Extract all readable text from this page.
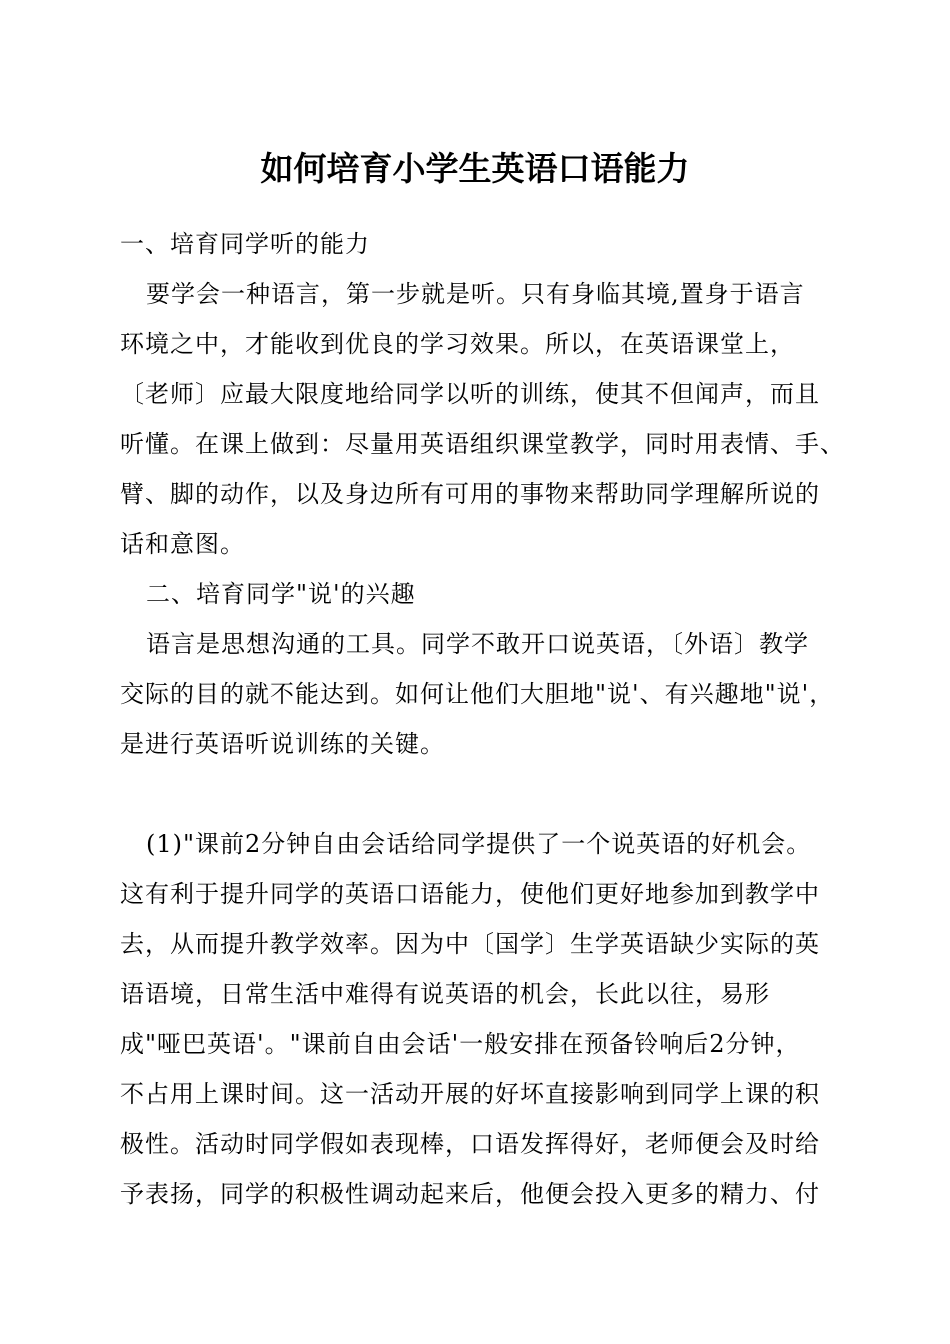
如何培育小学生英语口语能力
一、培育同学听的能力
要学会一种语言，第一步就是听。只有身临其境,置身于语言
环境之中，才能收到优良的学习效果。所以，在英语课堂上，
〔老师〕应最大限度地给同学以听的训练，使其不但闻声，而且
听懂。在课上做到：尽量用英语组织课堂教学，同时用表情、手、
臂、脚的动作，以及身边所有可用的事物来帮助同学理解所说的
话和意图。
二、培育同学"说'的兴趣
语言是思想沟通的工具。同学不敢开口说英语，〔外语〕教学
交际的目的就不能达到。如何让他们大胆地"说'、有兴趣地"说'，
是进行英语听说训练的关键。
(1)"课前2分钟自由会话给同学提供了一个说英语的好机会。
这有利于提升同学的英语口语能力，使他们更好地参加到教学中
去，从而提升教学效率。因为中〔国学〕生学英语缺少实际的英
语语境，日常生活中难得有说英语的机会，长此以往，易形
成"哑巴英语'。"课前自由会话'一般安排在预备铃响后2分钟，
不占用上课时间。这一活动开展的好坏直接影响到同学上课的积
极性。活动时同学假如表现棒，口语发挥得好，老师便会及时给
予表扬，同学的积极性调动起来后，他便会投入更多的精力、付
